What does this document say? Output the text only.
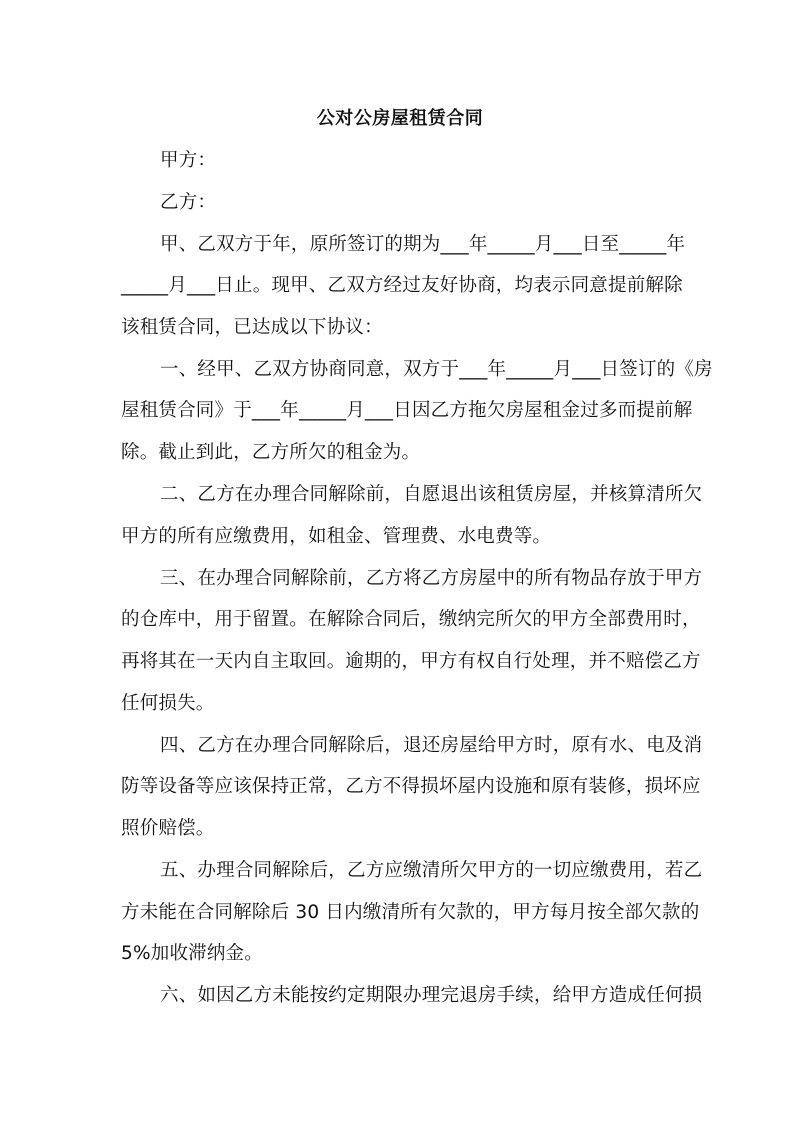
公对公房屋租赁合同
甲方：
乙方：
甲、乙双方于年，原所签订的期为___年_____月___日至_____年
_____月___日止。现甲、乙双方经过友好协商，均表示同意提前解除
该租赁合同，已达成以下协议：
一、经甲、乙双方协商同意，双方于___年_____月___日签订的《房
屋租赁合同》于___年_____月___日因乙方拖欠房屋租金过多而提前解
除。截止到此，乙方所欠的租金为。
二、乙方在办理合同解除前，自愿退出该租赁房屋，并核算清所欠
甲方的所有应缴费用，如租金、管理费、水电费等。
三、在办理合同解除前，乙方将乙方房屋中的所有物品存放于甲方
的仓库中，用于留置。在解除合同后，缴纳完所欠的甲方全部费用时，
再将其在一天内自主取回。逾期的，甲方有权自行处理，并不赔偿乙方
任何损失。
四、乙方在办理合同解除后，退还房屋给甲方时，原有水、电及消
防等设备等应该保持正常，乙方不得损坏屋内设施和原有装修，损坏应
照价赔偿。
五、办理合同解除后，乙方应缴清所欠甲方的一切应缴费用，若乙
方未能在合同解除后 30 日内缴清所有欠款的，甲方每月按全部欠款的
5%加收滞纳金。
六、如因乙方未能按约定期限办理完退房手续，给甲方造成任何损
